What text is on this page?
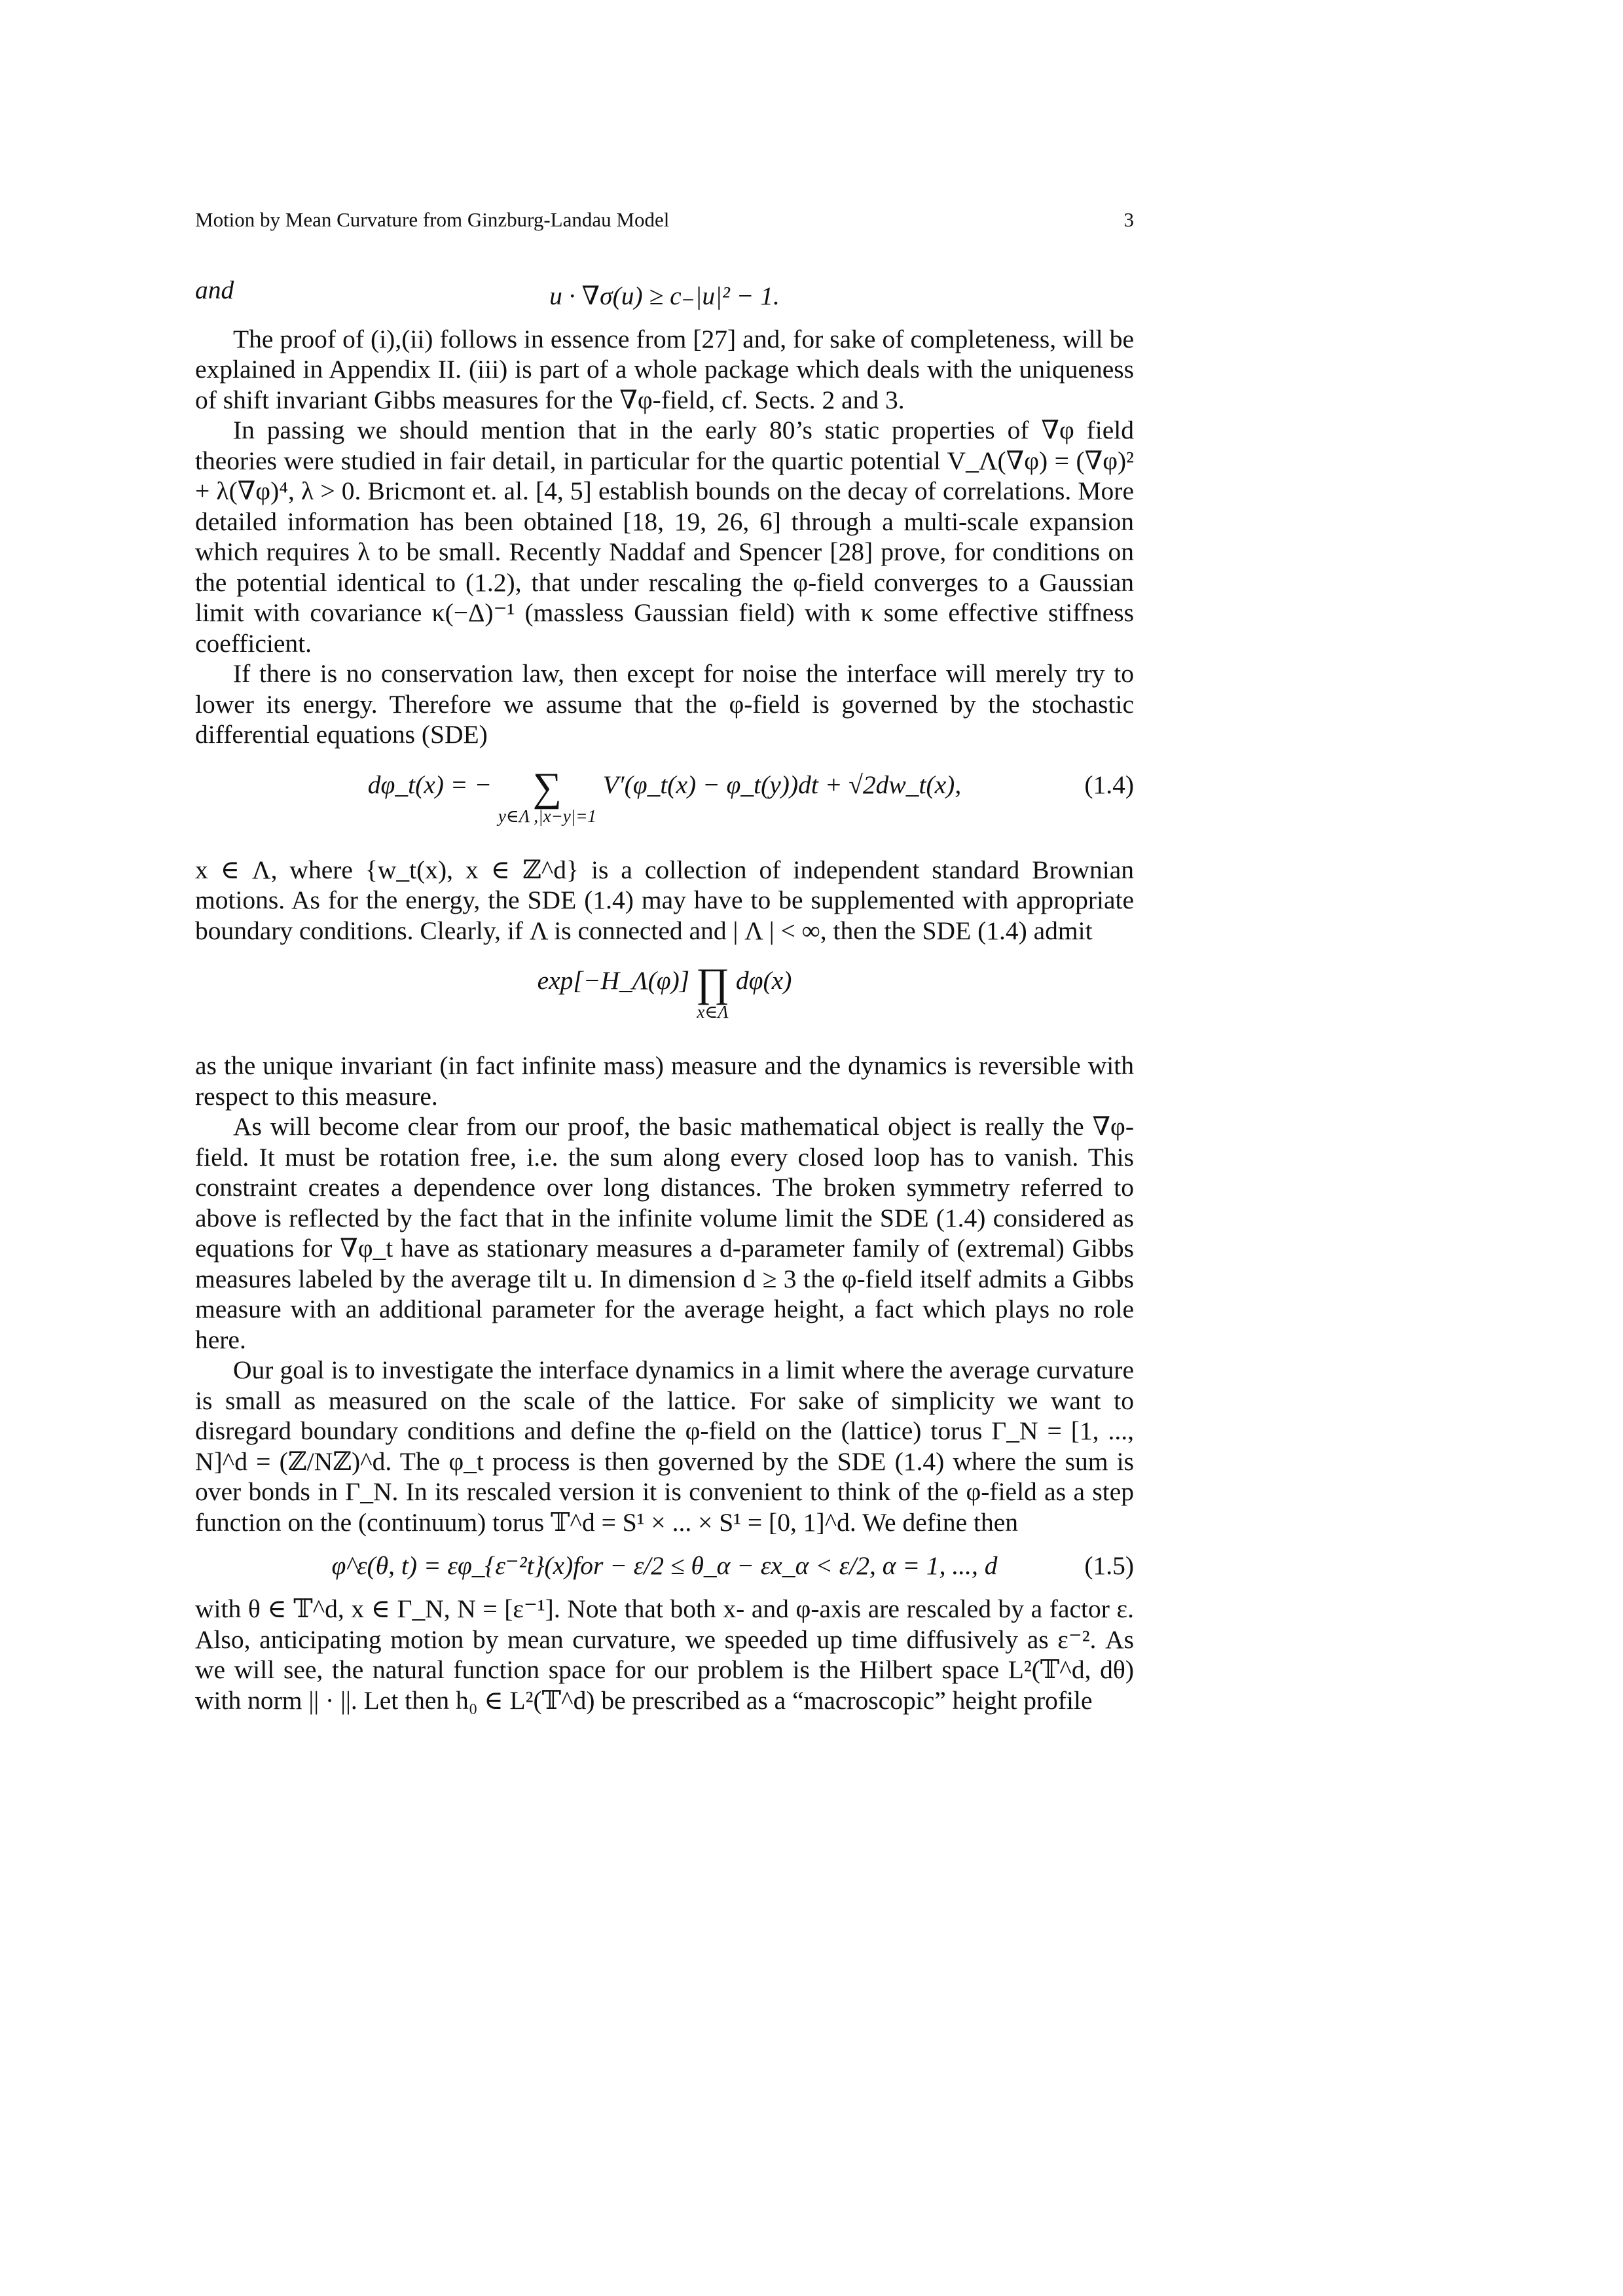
Motion by Mean Curvature from Ginzburg-Landau Model	3

and	u · ∇σ(u) ≥ c₋|u|² − 1.

The proof of (i),(ii) follows in essence from [27] and, for sake of completeness, will be explained in Appendix II. (iii) is part of a whole package which deals with the uniqueness of shift invariant Gibbs measures for the ∇φ-field, cf. Sects. 2 and 3.

In passing we should mention that in the early 80’s static properties of ∇φ field theories were studied in fair detail, in particular for the quartic potential V_Λ(∇φ) = (∇φ)² + λ(∇φ)⁴, λ > 0. Bricmont et. al. [4, 5] establish bounds on the decay of correlations. More detailed information has been obtained [18, 19, 26, 6] through a multi-scale expansion which requires λ to be small. Recently Naddaf and Spencer [28] prove, for conditions on the potential identical to (1.2), that under rescaling the φ-field converges to a Gaussian limit with covariance κ(−Δ)⁻¹ (massless Gaussian field) with κ some effective stiffness coefficient.

If there is no conservation law, then except for noise the interface will merely try to lower its energy. Therefore we assume that the φ-field is governed by the stochastic differential equations (SDE)

dφ_t(x) = −	∑
y∈Λ ,|x−y|=1
V′(φ_t(x) − φ_t(y))dt + √2dw_t(x),	(1.4)

x ∈ Λ, where {w_t(x), x ∈ ℤ^d} is a collection of independent standard Brownian motions. As for the energy, the SDE (1.4) may have to be supplemented with appropriate boundary conditions. Clearly, if Λ is connected and | Λ | < ∞, then the SDE (1.4) admit

exp[−H_Λ(φ)] ∏
x∈Λ
dφ(x)

as the unique invariant (in fact infinite mass) measure and the dynamics is reversible with respect to this measure.

As will become clear from our proof, the basic mathematical object is really the ∇φ-field. It must be rotation free, i.e. the sum along every closed loop has to vanish. This constraint creates a dependence over long distances. The broken symmetry referred to above is reflected by the fact that in the infinite volume limit the SDE (1.4) considered as equations for ∇φ_t have as stationary measures a d-parameter family of (extremal) Gibbs measures labeled by the average tilt u. In dimension d ≥ 3 the φ-field itself admits a Gibbs measure with an additional parameter for the average height, a fact which plays no role here.

Our goal is to investigate the interface dynamics in a limit where the average curvature is small as measured on the scale of the lattice. For sake of simplicity we want to disregard boundary conditions and define the φ-field on the (lattice) torus Γ_N = [1, ..., N]^d = (ℤ/Nℤ)^d. The φ_t process is then governed by the SDE (1.4) where the sum is over bonds in Γ_N. In its rescaled version it is convenient to think of the φ-field as a step function on the (continuum) torus 𝕋^d = S¹ × ... × S¹ = [0, 1]^d. We define then

φ^ε(θ, t) = εφ_{ε⁻²t}(x)for − ε/2 ≤ θ_α − εx_α < ε/2, α = 1, ..., d	(1.5)

with θ ∈ 𝕋^d, x ∈ Γ_N, N = [ε⁻¹]. Note that both x- and φ-axis are rescaled by a factor ε. Also, anticipating motion by mean curvature, we speeded up time diffusively as ε⁻². As we will see, the natural function space for our problem is the Hilbert space L²(𝕋^d, dθ) with norm || · ||. Let then h₀ ∈ L²(𝕋^d) be prescribed as a “macroscopic” height profile
